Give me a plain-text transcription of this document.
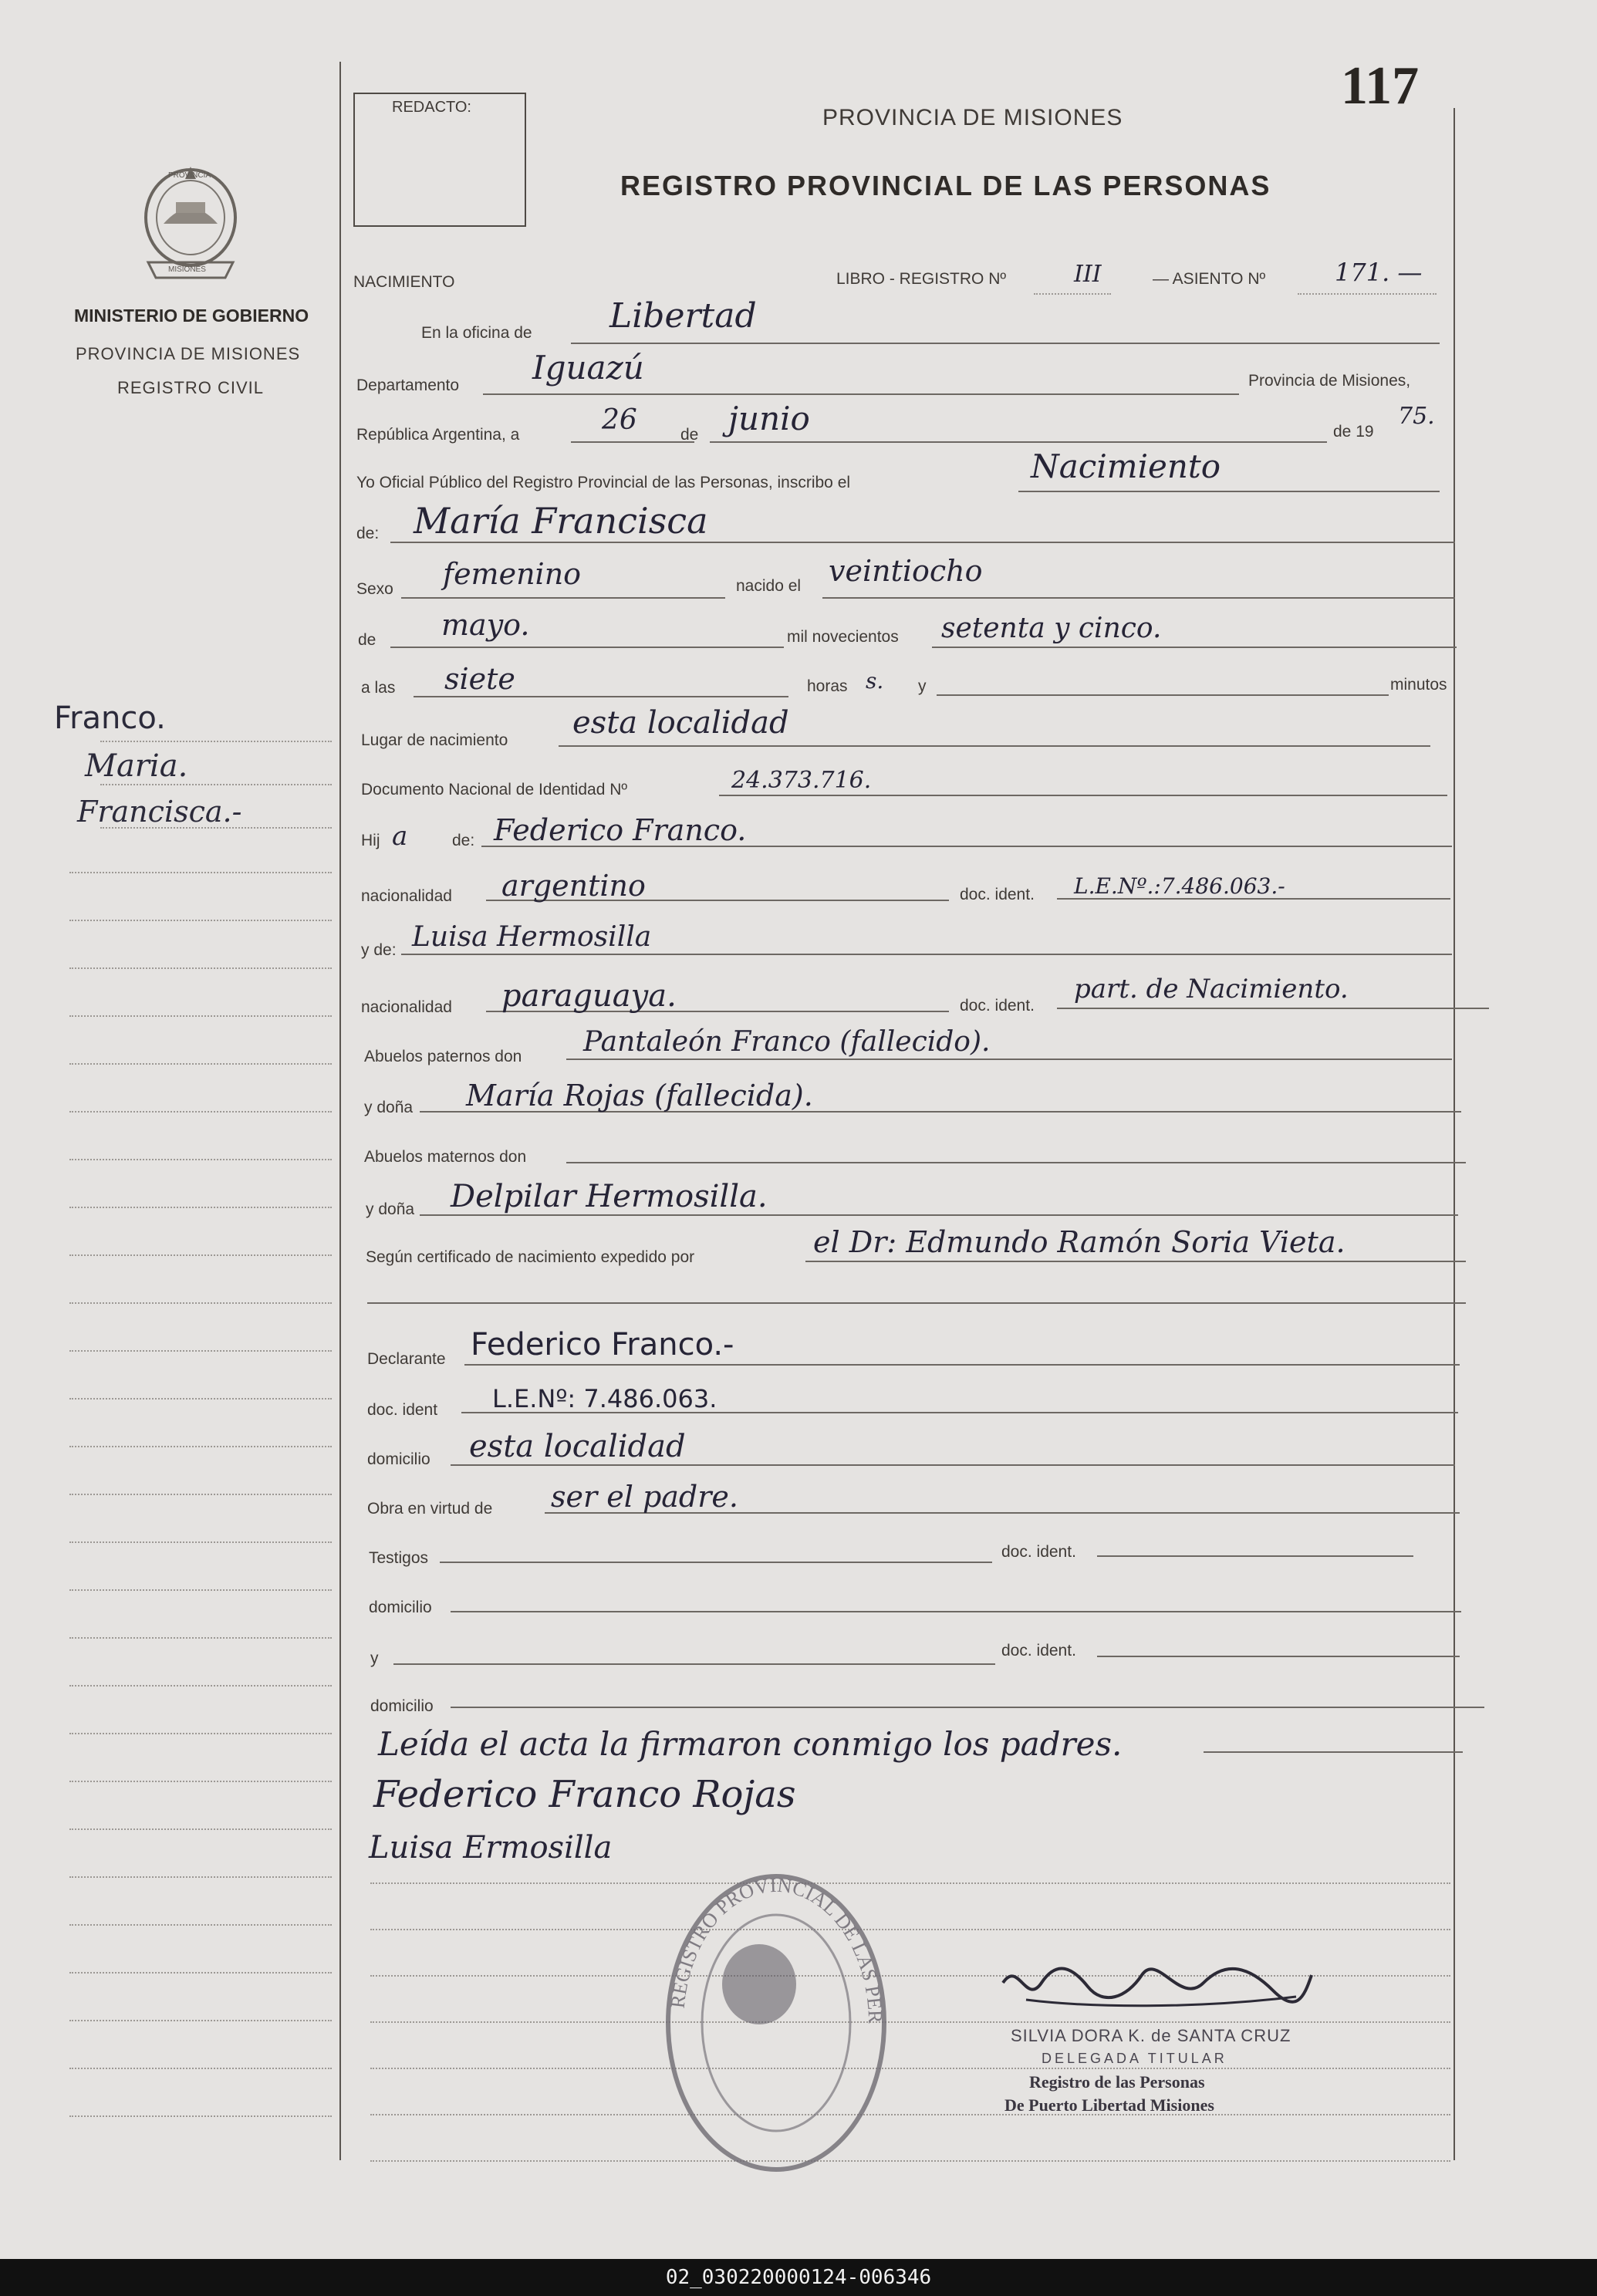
117
REDACTO:	PROVINCIA DE MISIONES
REGISTRO PROVINCIAL DE LAS PERSONAS
PROVINCIA
MISIONES
MINISTERIO DE GOBIERNO
PROVINCIA DE MISIONES
REGISTRO CIVIL
Franco.
Maria.
Francisca.-
NACIMIENTO	LIBRO - REGISTRO Nº	III	— ASIENTO Nº	171. —
En la oficina de Libertad
Departamento Iguazú	Provincia de Misiones,
República Argentina, a	26	de junio	de 19
75.
Yo Oficial Público del Registro Provincial de las Personas, inscribo el	Nacimiento
de: María Francisca
Sexo femenino	nacido el veintiocho
de mayo.	mil novecientos setenta y cinco.
a las siete	horas s. y	minutos
Lugar de nacimiento esta localidad
Documento Nacional de Identidad Nº	24.373.716.
Hij a	de: Federico Franco.
nacionalidad argentino	doc. ident. L.E.Nº.:7.486.063.-
y de: Luisa Hermosilla
nacionalidad paraguaya.	doc. ident.
part. de Nacimiento.
Abuelos paternos don Pantaleón Franco (fallecido).
y doña María Rojas (fallecida).
Abuelos maternos don
y doña Delpilar Hermosilla.
Según certificado de nacimiento expedido por	el Dr: Edmundo Ramón Soria Vieta.
Declarante Federico Franco.-
doc. ident L.E.Nº: 7.486.063.
domicilio esta localidad
Obra en virtud de ser el padre.
Testigos	doc. ident.
domicilio
y	doc. ident.
domicilio
Leída el acta la firmaron conmigo los padres.
Federico Franco Rojas
Luisa Ermosilla
REGISTRO PROVINCIAL DE LAS PER
SILVIA DORA K. de SANTA CRUZ
DELEGADA TITULAR
Registro de las Personas
De Puerto Libertad Misiones
02_030220000124-006346
